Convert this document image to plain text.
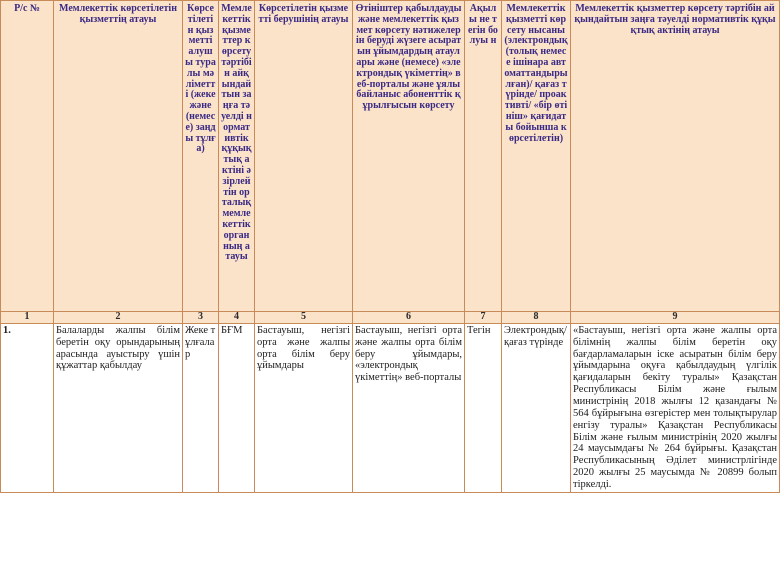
Р/с №	Мемлекеттік көрсетілетін қызметтің атауы	Көрсетілетін қызметті алушы туралы мәліметті (жеке және (немесе) заңды тұлға)	Мемлекеттік қызметтер көрсету тәртібін айқындайтын заңға тәуелді нормативтік құқықтық актіні әзірлейтін орталық мемлекеттік органның атауы	Көрсетілетін қызметті берушінің атауы	Өтініштер қабылдауды және мемлекеттік қызмет көрсету нәтижелерін беруді жүзеге асыратын ұйымдардың атаулары және (немесе) «электрондық үкіметтің» веб-порталы және ұялы байланыс абоненттік құрылғысын көрсету	Ақылы не тегін болуы н	Мемлекеттік қызметті көрсету нысаны (электрондық (толық немесе ішінара автоматтандырылған)/ қағаз түрінде/ проактивті/ «бір өтініш» қағидаты бойынша көрсетілетін)	Мемлекеттік қызметтер көрсету тәртібін айқындайтын заңға тәуелді нормативтік құқықтық актінің атауы

1	2	3	4	5	6	7	8	9
1.	Балаларды жалпы білім беретін оқу орындарының арасында ауыстыру үшін құжаттар қабылдау	Жеке тұлғалар	БҒМ	Бастауыш, негізгі орта және жалпы орта білім беру ұйымдары	Бастауыш, негізгі орта және жалпы орта білім беру ұйымдары, «электрондық үкіметтің» веб-порталы	Тегін	Электрондық/қағаз түрінде	«Бастауыш, негізгі орта және жалпы орта білімнің жалпы білім беретін оқу бағдарламаларын іске асыратын білім беру ұйымдарына оқуға қабылдаудың үлгілік қағидаларын бекіту туралы» Қазақстан Республикасы Білім және ғылым министрінің 2018 жылғы 12 қазандағы № 564 бұйрығына өзгерістер мен толықтырулар енгізу туралы» Қазақстан Республикасы Білім және ғылым министрінің 2020 жылғы 24 маусымдағы № 264 бұйрығы. Қазақстан Республикасының Әділет министрлігінде 2020 жылғы 25 маусымда № 20899 болып тіркелді.
